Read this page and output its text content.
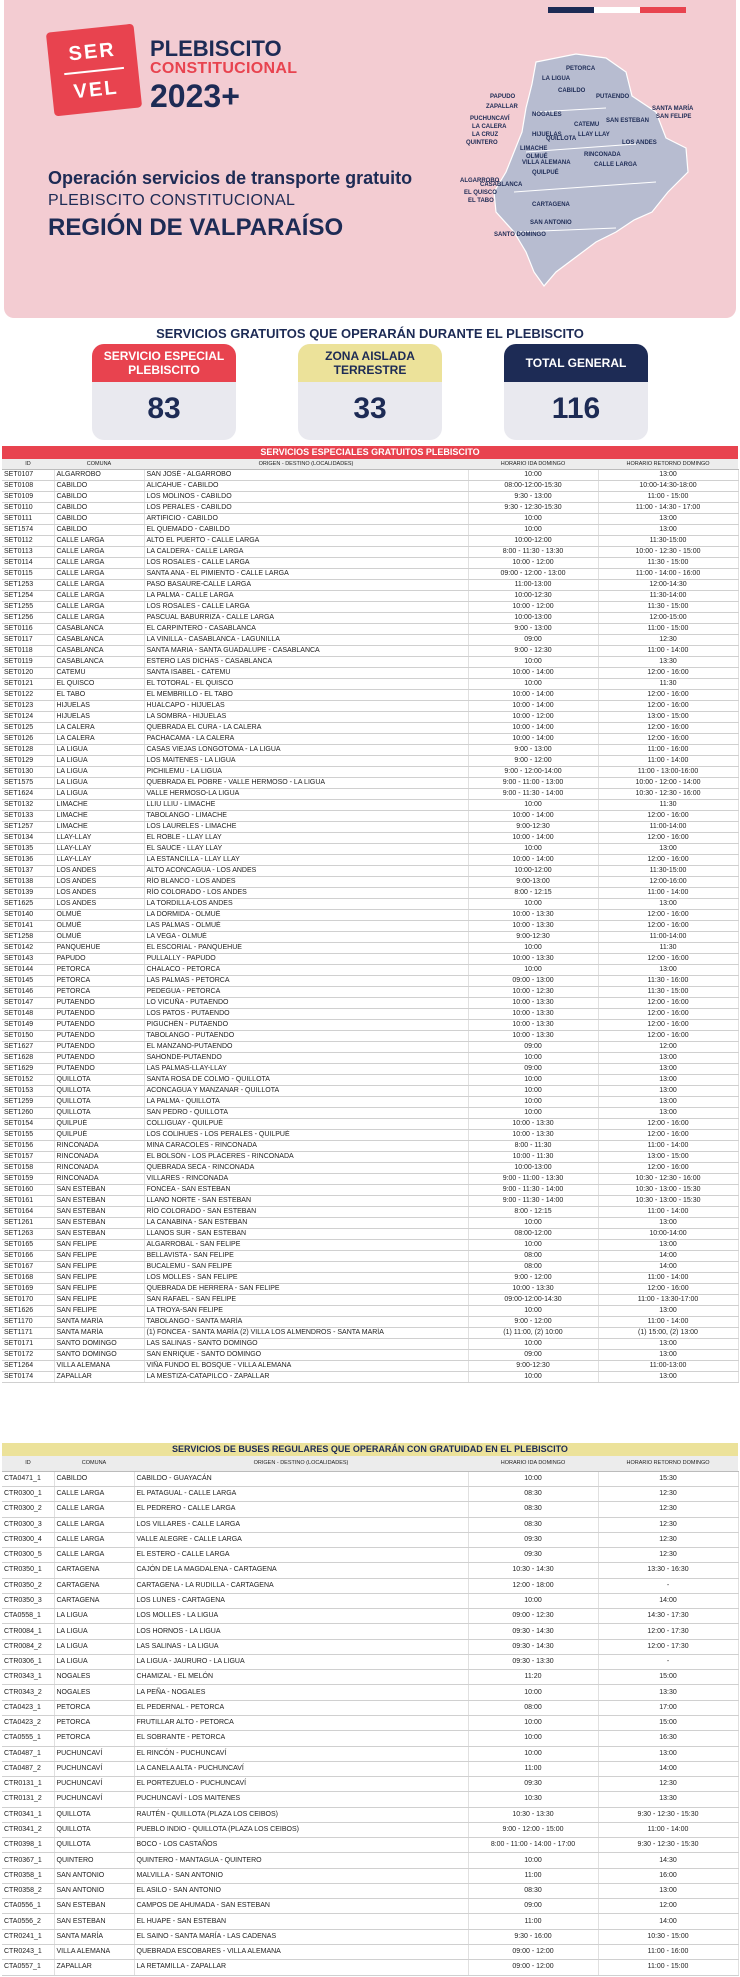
SER
VEL
PLEBISCITO
CONSTITUCIONAL
2023+
Operación servicios de transporte gratuito
PLEBISCITO CONSTITUCIONAL
REGIÓN DE VALPARAÍSO
PETORCA
LA LIGUA
CABILDO
PAPUDO
ZAPALLAR
PUTAENDO
SANTA MARÍA
SAN FELIPE
SAN ESTEBAN
PUCHUNCAVÍ
LA CALERA
LA CRUZ
QUINTERO
NOGALES
HIJUELAS
QUILLOTA
LLAY LLAY
CATEMU
LOS ANDES
CALLE LARGA
RINCONADA
OLMUÉ
LIMACHE
VILLA ALEMANA
QUILPUÉ
ALGARROBO
CASABLANCA
EL QUISCO
EL TABO
CARTAGENA
SAN ANTONIO
SANTO DOMINGO
SERVICIOS GRATUITOS QUE OPERARÁN DURANTE EL PLEBISCITO
SERVICIO ESPECIAL PLEBISCITO
83
ZONA AISLADA TERRESTRE
33
TOTAL GENERAL
116
SERVICIOS ESPECIALES GRATUITOS PLEBISCITO
ID	COMUNA	ORIGEN - DESTINO (LOCALIDADES)	HORARIO IDA DOMINGO	HORARIO RETORNO DOMINGO
SET0107	ALGARROBO	SAN JOSÉ - ALGARROBO	10:00	13:00
SET0108	CABILDO	ALICAHUE - CABILDO	08:00-12:00-15:30	10:00-14:30-18:00
SET0109	CABILDO	LOS MOLINOS - CABILDO	9:30 - 13:00	11:00 - 15:00
SET0110	CABILDO	LOS PERALES - CABILDO	9:30 - 12:30-15:30	11:00 - 14:30 - 17:00
SET0111	CABILDO	ARTIFICIO - CABILDO	10:00	13:00
SET1574	CABILDO	EL QUEMADO - CABILDO	10:00	13:00
SET0112	CALLE LARGA	ALTO EL PUERTO - CALLE LARGA	10:00-12:00	11:30-15:00
SET0113	CALLE LARGA	LA CALDERA - CALLE LARGA	8:00 - 11:30 - 13:30	10:00 - 12:30 - 15:00
SET0114	CALLE LARGA	LOS ROSALES - CALLE LARGA	10:00 - 12:00	11:30 - 15:00
SET0115	CALLE LARGA	SANTA ANA - EL PIMIENTO - CALLE LARGA	09:00 - 12:00 - 13:00	11:00 - 14:00 - 16:00
SET1253	CALLE LARGA	PASO BASAURE-CALLE LARGA	11:00-13:00	12:00-14:30
SET1254	CALLE LARGA	LA PALMA - CALLE LARGA	10:00-12:30	11:30-14:00
SET1255	CALLE LARGA	LOS ROSALES - CALLE LARGA	10:00 - 12:00	11:30 - 15:00
SET1256	CALLE LARGA	PASCUAL BABURRIZA - CALLE LARGA	10:00-13:00	12:00-15:00
SET0116	CASABLANCA	EL CARPINTERO - CASABLANCA	9:00 - 13:00	11:00 - 15:00
SET0117	CASABLANCA	LA VINILLA - CASABLANCA - LAGUNILLA	09:00	12:30
SET0118	CASABLANCA	SANTA MARIA - SANTA GUADALUPE - CASABLANCA	9:00 - 12:30	11:00 - 14:00
SET0119	CASABLANCA	ESTERO LAS DICHAS - CASABLANCA	10:00	13:30
SET0120	CATEMU	SANTA ISABEL - CATEMU	10:00 - 14:00	12:00 - 16:00
SET0121	EL QUISCO	EL TOTORAL - EL QUISCO	10:00	11:30
SET0122	EL TABO	EL MEMBRILLO - EL TABO	10:00 - 14:00	12:00 - 16:00
SET0123	HIJUELAS	HUALCAPO - HIJUELAS	10:00 - 14:00	12:00 - 16:00
SET0124	HIJUELAS	LA SOMBRA - HIJUELAS	10:00 - 12:00	13:00 - 15:00
SET0125	LA CALERA	QUEBRADA EL CURA - LA CALERA	10:00 - 14:00	12:00 - 16:00
SET0126	LA CALERA	PACHACAMA - LA CALERA	10:00 - 14:00	12:00 - 16:00
SET0128	LA LIGUA	CASAS VIEJAS LONGOTOMA - LA LIGUA	9:00 - 13:00	11:00 - 16:00
SET0129	LA LIGUA	LOS MAITENES - LA LIGUA	9:00 - 12:00	11:00 - 14:00
SET0130	LA LIGUA	PICHILEMU - LA LIGUA	9:00 - 12:00-14:00	11:00 - 13:00-16:00
SET1575	LA LIGUA	QUEBRADA EL POBRE - VALLE HERMOSO - LA LIGUA	9:00 - 11:00 - 13:00	10:00 - 12:00 - 14:00
SET1624	LA LIGUA	VALLE HERMOSO-LA LIGUA	9:00 - 11:30 - 14:00	10:30 - 12:30 - 16:00
SET0132	LIMACHE	LLIU LLIU - LIMACHE	10:00	11:30
SET0133	LIMACHE	TABOLANGO - LIMACHE	10:00 - 14:00	12:00 - 16:00
SET1257	LIMACHE	LOS LAURELES - LIMACHE	9:00-12:30	11:00-14:00
SET0134	LLAY-LLAY	EL ROBLE - LLAY LLAY	10:00 - 14:00	12:00 - 16:00
SET0135	LLAY-LLAY	EL SAUCE - LLAY LLAY	10:00	13:00
SET0136	LLAY-LLAY	LA ESTANCILLA - LLAY LLAY	10:00 - 14:00	12:00 - 16:00
SET0137	LOS ANDES	ALTO ACONCAGUA - LOS ANDES	10:00-12:00	11:30-15:00
SET0138	LOS ANDES	RÍO BLANCO - LOS ANDES	9:00-13:00	12:00-16:00
SET0139	LOS ANDES	RÍO COLORADO - LOS ANDES	8:00 - 12:15	11:00 - 14:00
SET1625	LOS ANDES	LA TORDILLA-LOS ANDES	10:00	13:00
SET0140	OLMUÉ	LA DORMIDA - OLMUÉ	10:00 - 13:30	12:00 - 16:00
SET0141	OLMUÉ	LAS PALMAS - OLMUÉ	10:00 - 13:30	12:00 - 16:00
SET1258	OLMUÉ	LA VEGA - OLMUÉ	9:00-12:30	11:00-14:00
SET0142	PANQUEHUE	EL ESCORIAL - PANQUEHUE	10:00	11:30
SET0143	PAPUDO	PULLALLY - PAPUDO	10:00 - 13:30	12:00 - 16:00
SET0144	PETORCA	CHALACO - PETORCA	10:00	13:00
SET0145	PETORCA	LAS PALMAS - PETORCA	09:00 - 13:00	11:30 - 16:00
SET0146	PETORCA	PEDEGUA - PETORCA	10:00 - 12:30	11:30 - 15:00
SET0147	PUTAENDO	LO VICUÑA - PUTAENDO	10:00 - 13:30	12:00 - 16:00
SET0148	PUTAENDO	LOS PATOS - PUTAENDO	10:00 - 13:30	12:00 - 16:00
SET0149	PUTAENDO	PIGUCHÉN - PUTAENDO	10:00 - 13:30	12:00 - 16:00
SET0150	PUTAENDO	TABOLANGO - PUTAENDO	10:00 - 13:30	12:00 - 16:00
SET1627	PUTAENDO	EL MANZANO-PUTAENDO	09:00	12:00
SET1628	PUTAENDO	SAHONDE-PUTAENDO	10:00	13:00
SET1629	PUTAENDO	LAS PALMAS-LLAY-LLAY	09:00	13:00
SET0152	QUILLOTA	SANTA ROSA DE COLMO - QUILLOTA	10:00	13:00
SET0153	QUILLOTA	ACONCAGUA Y MANZANAR - QUILLOTA	10:00	13:00
SET1259	QUILLOTA	LA PALMA - QUILLOTA	10:00	13:00
SET1260	QUILLOTA	SAN PEDRO - QUILLOTA	10:00	13:00
SET0154	QUILPUÉ	COLLIGUAY - QUILPUÉ	10:00 - 13:30	12:00 - 16:00
SET0155	QUILPUÉ	LOS COLIHUES - LOS PERALES - QUILPUÉ	10:00 - 13:30	12:00 - 16:00
SET0156	RINCONADA	MINA CARACOLES - RINCONADA	8:00 - 11:30	11:00 - 14:00
SET0157	RINCONADA	EL BOLSÓN - LOS PLACERES - RINCONADA	10:00 - 11:30	13:00 - 15:00
SET0158	RINCONADA	QUEBRADA SECA - RINCONADA	10:00-13:00	12:00 - 16:00
SET0159	RINCONADA	VILLARES - RINCONADA	9:00 - 11:00 - 13:30	10:30 - 12:30 - 16:00
SET0160	SAN ESTEBAN	FONCEA - SAN ESTEBAN	9:00 - 11:30 - 14:00	10:30 - 13:00 - 15:30
SET0161	SAN ESTEBAN	LLANO NORTE - SAN ESTEBAN	9:00 - 11:30 - 14:00	10:30 - 13:00 - 15:30
SET0164	SAN ESTEBAN	RÍO COLORADO - SAN ESTEBAN	8:00 - 12:15	11:00 - 14:00
SET1261	SAN ESTEBAN	LA CANABINA - SAN ESTEBAN	10:00	13:00
SET1263	SAN ESTEBAN	LLANOS SUR - SAN ESTEBAN	08:00-12:00	10:00-14:00
SET0165	SAN FELIPE	ALGARROBAL - SAN FELIPE	10:00	13:00
SET0166	SAN FELIPE	BELLAVISTA - SAN FELIPE	08:00	14:00
SET0167	SAN FELIPE	BUCALEMU - SAN FELIPE	08:00	14:00
SET0168	SAN FELIPE	LOS MOLLES - SAN FELIPE	9:00 - 12:00	11:00 - 14:00
SET0169	SAN FELIPE	QUEBRADA DE HERRERA - SAN FELIPE	10:00 - 13:30	12:00 - 16:00
SET0170	SAN FELIPE	SAN RAFAEL - SAN FELIPE	09:00-12:00-14:30	11:00 - 13:30-17:00
SET1626	SAN FELIPE	LA TROYA-SAN FELIPE	10:00	13:00
SET1170	SANTA MARÍA	TABOLANGO - SANTA MARÍA	9:00 - 12:00	11:00 - 14:00
SET1171	SANTA MARÍA	(1) FONCEA - SANTA MARÍA (2) VILLA LOS ALMENDROS - SANTA MARÍA	(1) 11:00, (2) 10:00	(1) 15:00, (2) 13:00
SET0171	SANTO DOMINGO	LAS SALINAS - SANTO DOMINGO	10:00	13:00
SET0172	SANTO DOMINGO	SAN ENRIQUE - SANTO DOMINGO	09:00	13:00
SET1264	VILLA ALEMANA	VIÑA FUNDO EL BOSQUE - VILLA ALEMANA	9:00-12:30	11:00-13:00
SET0174	ZAPALLAR	LA MESTIZA-CATAPILCO - ZAPALLAR	10:00	13:00
SERVICIOS DE BUSES REGULARES QUE OPERARÁN CON GRATUIDAD EN EL PLEBISCITO
ID	COMUNA	ORIGEN - DESTINO (LOCALIDADES)	HORARIO IDA DOMINGO	HORARIO RETORNO DOMINGO
CTA0471_1	CABILDO	CABILDO - GUAYACÁN	10:00	15:30
CTR0300_1	CALLE LARGA	EL PATAGUAL - CALLE LARGA	08:30	12:30
CTR0300_2	CALLE LARGA	EL PEDRERO - CALLE LARGA	08:30	12:30
CTR0300_3	CALLE LARGA	LOS VILLARES - CALLE LARGA	08:30	12:30
CTR0300_4	CALLE LARGA	VALLE ALEGRE - CALLE LARGA	09:30	12:30
CTR0300_5	CALLE LARGA	EL ESTERO - CALLE LARGA	09:30	12:30
CTR0350_1	CARTAGENA	CAJÓN DE LA MAGDALENA - CARTAGENA	10:30 - 14:30	13:30 - 16:30
CTR0350_2	CARTAGENA	CARTAGENA - LA RUDILLA - CARTAGENA	12:00 - 18:00	-
CTR0350_3	CARTAGENA	LOS LUNES - CARTAGENA	10:00	14:00
CTA0558_1	LA LIGUA	LOS MOLLES - LA LIGUA	09:00 - 12:30	14:30 - 17:30
CTR0084_1	LA LIGUA	LOS HORNOS - LA LIGUA	09:30 - 14:30	12:00 - 17:30
CTR0084_2	LA LIGUA	LAS SALINAS - LA LIGUA	09:30 - 14:30	12:00 - 17:30
CTR0306_1	LA LIGUA	LA LIGUA - JAURURO - LA LIGUA	09:30 - 13:30	-
CTR0343_1	NOGALES	CHAMIZAL - EL MELÓN	11:20	15:00
CTR0343_2	NOGALES	LA PEÑA - NOGALES	10:00	13:30
CTA0423_1	PETORCA	EL PEDERNAL - PETORCA	08:00	17:00
CTA0423_2	PETORCA	FRUTILLAR ALTO - PETORCA	10:00	15:00
CTA0555_1	PETORCA	EL SOBRANTE - PETORCA	10:00	16:30
CTA0487_1	PUCHUNCAVÍ	EL RINCÓN - PUCHUNCAVÍ	10:00	13:00
CTA0487_2	PUCHUNCAVÍ	LA CANELA ALTA - PUCHUNCAVÍ	11:00	14:00
CTR0131_1	PUCHUNCAVÍ	EL PORTEZUELO - PUCHUNCAVÍ	09:30	12:30
CTR0131_2	PUCHUNCAVÍ	PUCHUNCAVÍ - LOS MAITENES	10:30	13:30
CTR0341_1	QUILLOTA	RAUTÉN - QUILLOTA (PLAZA LOS CEIBOS)	10:30 - 13:30	9:30 - 12:30 - 15:30
CTR0341_2	QUILLOTA	PUEBLO INDIO - QUILLOTA (PLAZA LOS CEIBOS)	9:00 - 12:00 - 15:00	11:00 - 14:00
CTR0398_1	QUILLOTA	BOCO - LOS CASTAÑOS	8:00 - 11:00 - 14:00 - 17:00	9:30 - 12:30 - 15:30
CTR0367_1	QUINTERO	QUINTERO - MANTAGUA - QUINTERO	10:00	14:30
CTR0358_1	SAN ANTONIO	MALVILLA - SAN ANTONIO	11:00	16:00
CTR0358_2	SAN ANTONIO	EL ASILO - SAN ANTONIO	08:30	13:00
CTA0556_1	SAN ESTEBAN	CAMPOS DE AHUMADA - SAN ESTEBAN	09:00	12:00
CTA0556_2	SAN ESTEBAN	EL HUAPE - SAN ESTEBAN	11:00	14:00
CTR0241_1	SANTA MARÍA	EL SAINO - SANTA MARÍA - LAS CADENAS	9:30 - 16:00	10:30 - 15:00
CTR0243_1	VILLA ALEMANA	QUEBRADA ESCOBARES - VILLA ALEMANA	09:00 - 12:00	11:00 - 16:00
CTA0557_1	ZAPALLAR	LA RETAMILLA - ZAPALLAR	09:00 - 12:00	11:00 - 15:00
